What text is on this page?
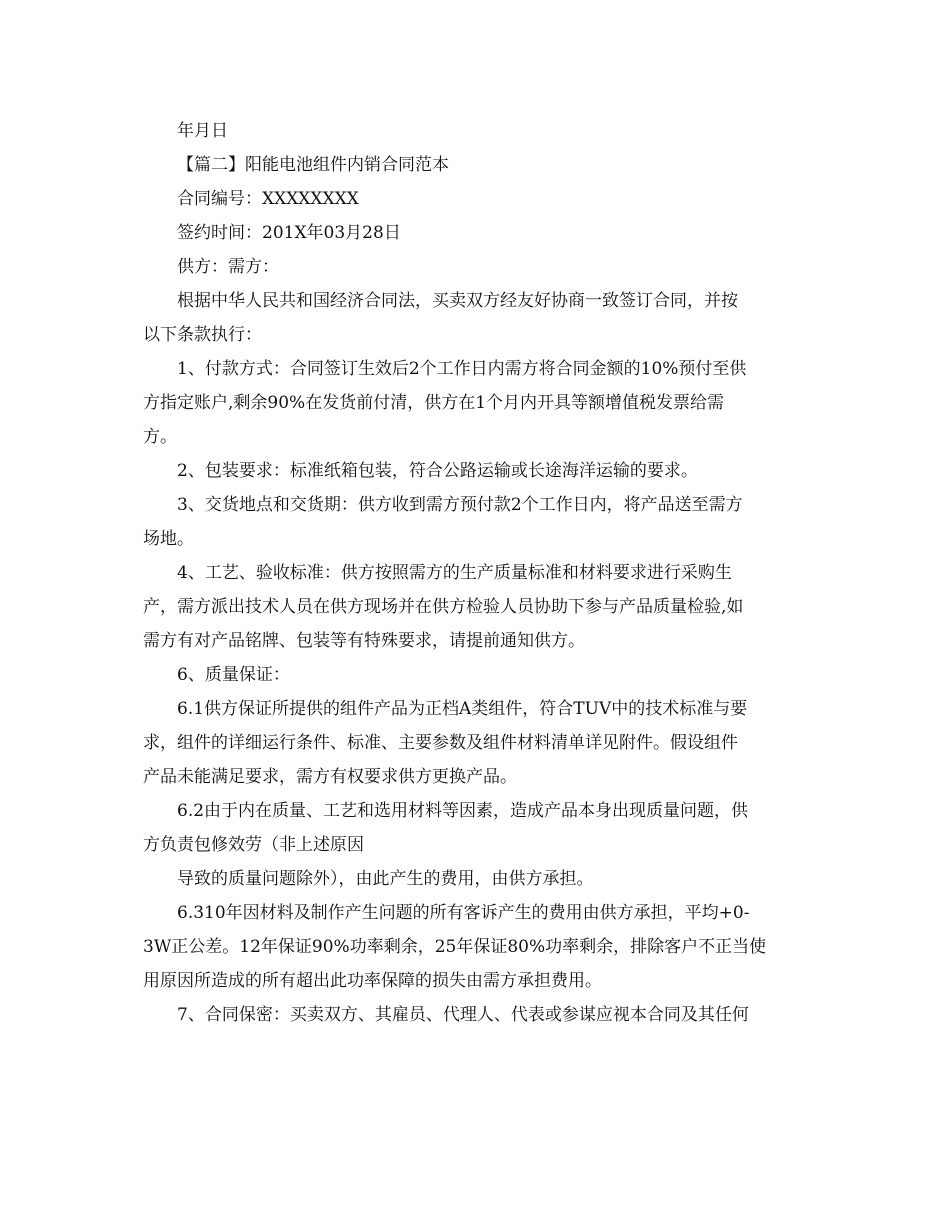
年月日
【篇二】阳能电池组件内销合同范本
合同编号：XXXXXXXX
签约时间：201X年03月28日
供方：需方：
根据中华人民共和国经济合同法，买卖双方经友好协商一致签订合同，并按
以下条款执行：
1、付款方式：合同签订生效后2个工作日内需方将合同金额的10%预付至供
方指定账户,剩余90%在发货前付清，供方在1个月内开具等额增值税发票给需
方。
2、包装要求：标准纸箱包装，符合公路运输或长途海洋运输的要求。
3、交货地点和交货期：供方收到需方预付款2个工作日内，将产品送至需方
场地。
4、工艺、验收标准：供方按照需方的生产质量标准和材料要求进行采购生
产，需方派出技术人员在供方现场并在供方检验人员协助下参与产品质量检验,如
需方有对产品铭牌、包装等有特殊要求，请提前通知供方。
6、质量保证：
6.1供方保证所提供的组件产品为正档A类组件，符合TUV中的技术标准与要
求，组件的详细运行条件、标准、主要参数及组件材料清单详见附件。假设组件
产品未能满足要求，需方有权要求供方更换产品。
6.2由于内在质量、工艺和选用材料等因素，造成产品本身出现质量问题，供
方负责包修效劳（非上述原因
导致的质量问题除外），由此产生的费用，由供方承担。
6.310年因材料及制作产生问题的所有客诉产生的费用由供方承担，平均+0-
3W正公差。12年保证90%功率剩余，25年保证80%功率剩余，排除客户不正当使
用原因所造成的所有超出此功率保障的损失由需方承担费用。
7、合同保密：买卖双方、其雇员、代理人、代表或参谋应视本合同及其任何
